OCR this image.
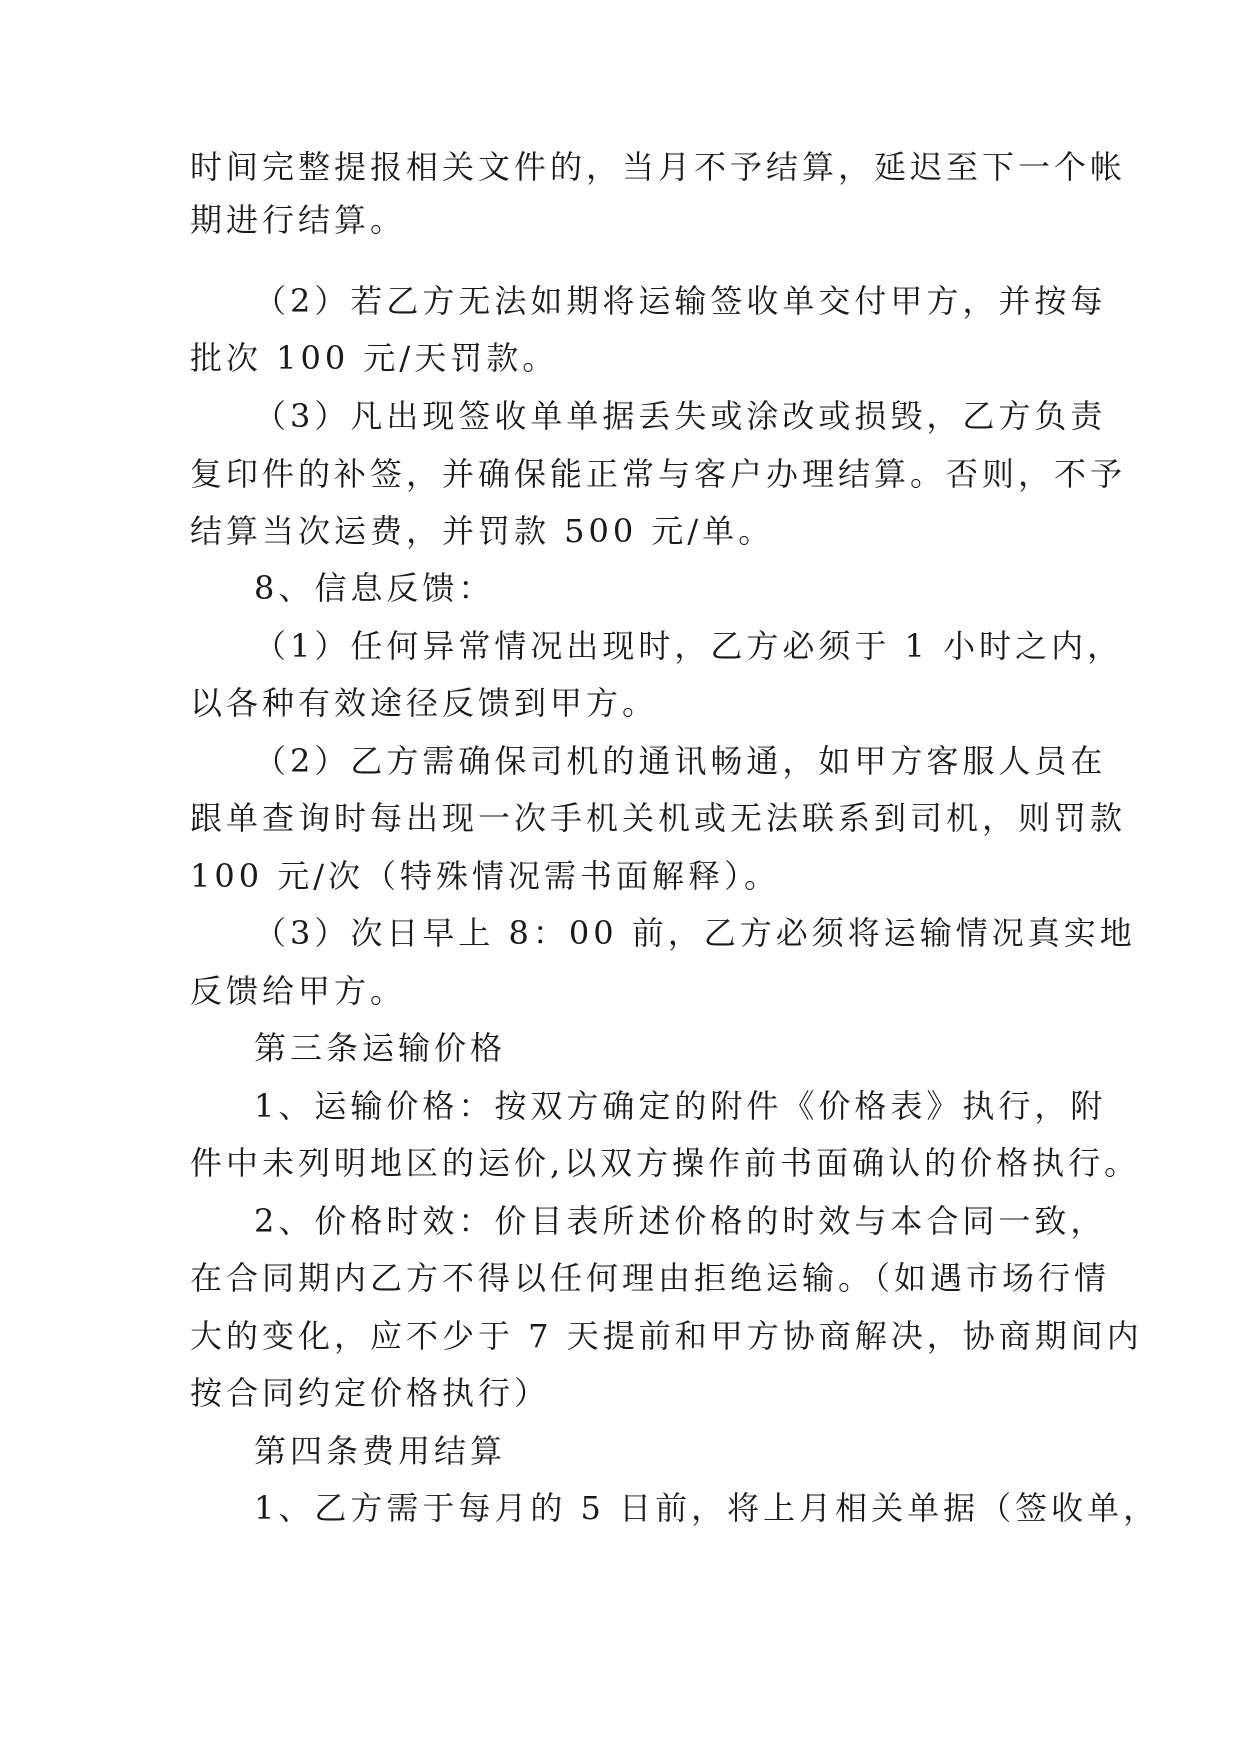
时间完整提报相关文件的，当月不予结算，延迟至下一个帐
期进行结算。
（2）若乙方无法如期将运输签收单交付甲方，并按每
批次 100 元/天罚款。
（3）凡出现签收单单据丢失或涂改或损毁，乙方负责
复印件的补签，并确保能正常与客户办理结算。否则，不予
结算当次运费，并罚款 500 元/单。
8、信息反馈：
（1）任何异常情况出现时，乙方必须于 1 小时之内，
以各种有效途径反馈到甲方。
（2）乙方需确保司机的通讯畅通，如甲方客服人员在
跟单查询时每出现一次手机关机或无法联系到司机，则罚款
100 元/次（特殊情况需书面解释）。
（3）次日早上 8：00 前，乙方必须将运输情况真实地
反馈给甲方。
第三条运输价格
1、运输价格：按双方确定的附件《价格表》执行，附
件中未列明地区的运价,以双方操作前书面确认的价格执行。
2、价格时效：价目表所述价格的时效与本合同一致，
在合同期内乙方不得以任何理由拒绝运输。（如遇市场行情
大的变化，应不少于 7 天提前和甲方协商解决，协商期间内
按合同约定价格执行）
第四条费用结算
1、乙方需于每月的 5 日前，将上月相关单据（签收单，
